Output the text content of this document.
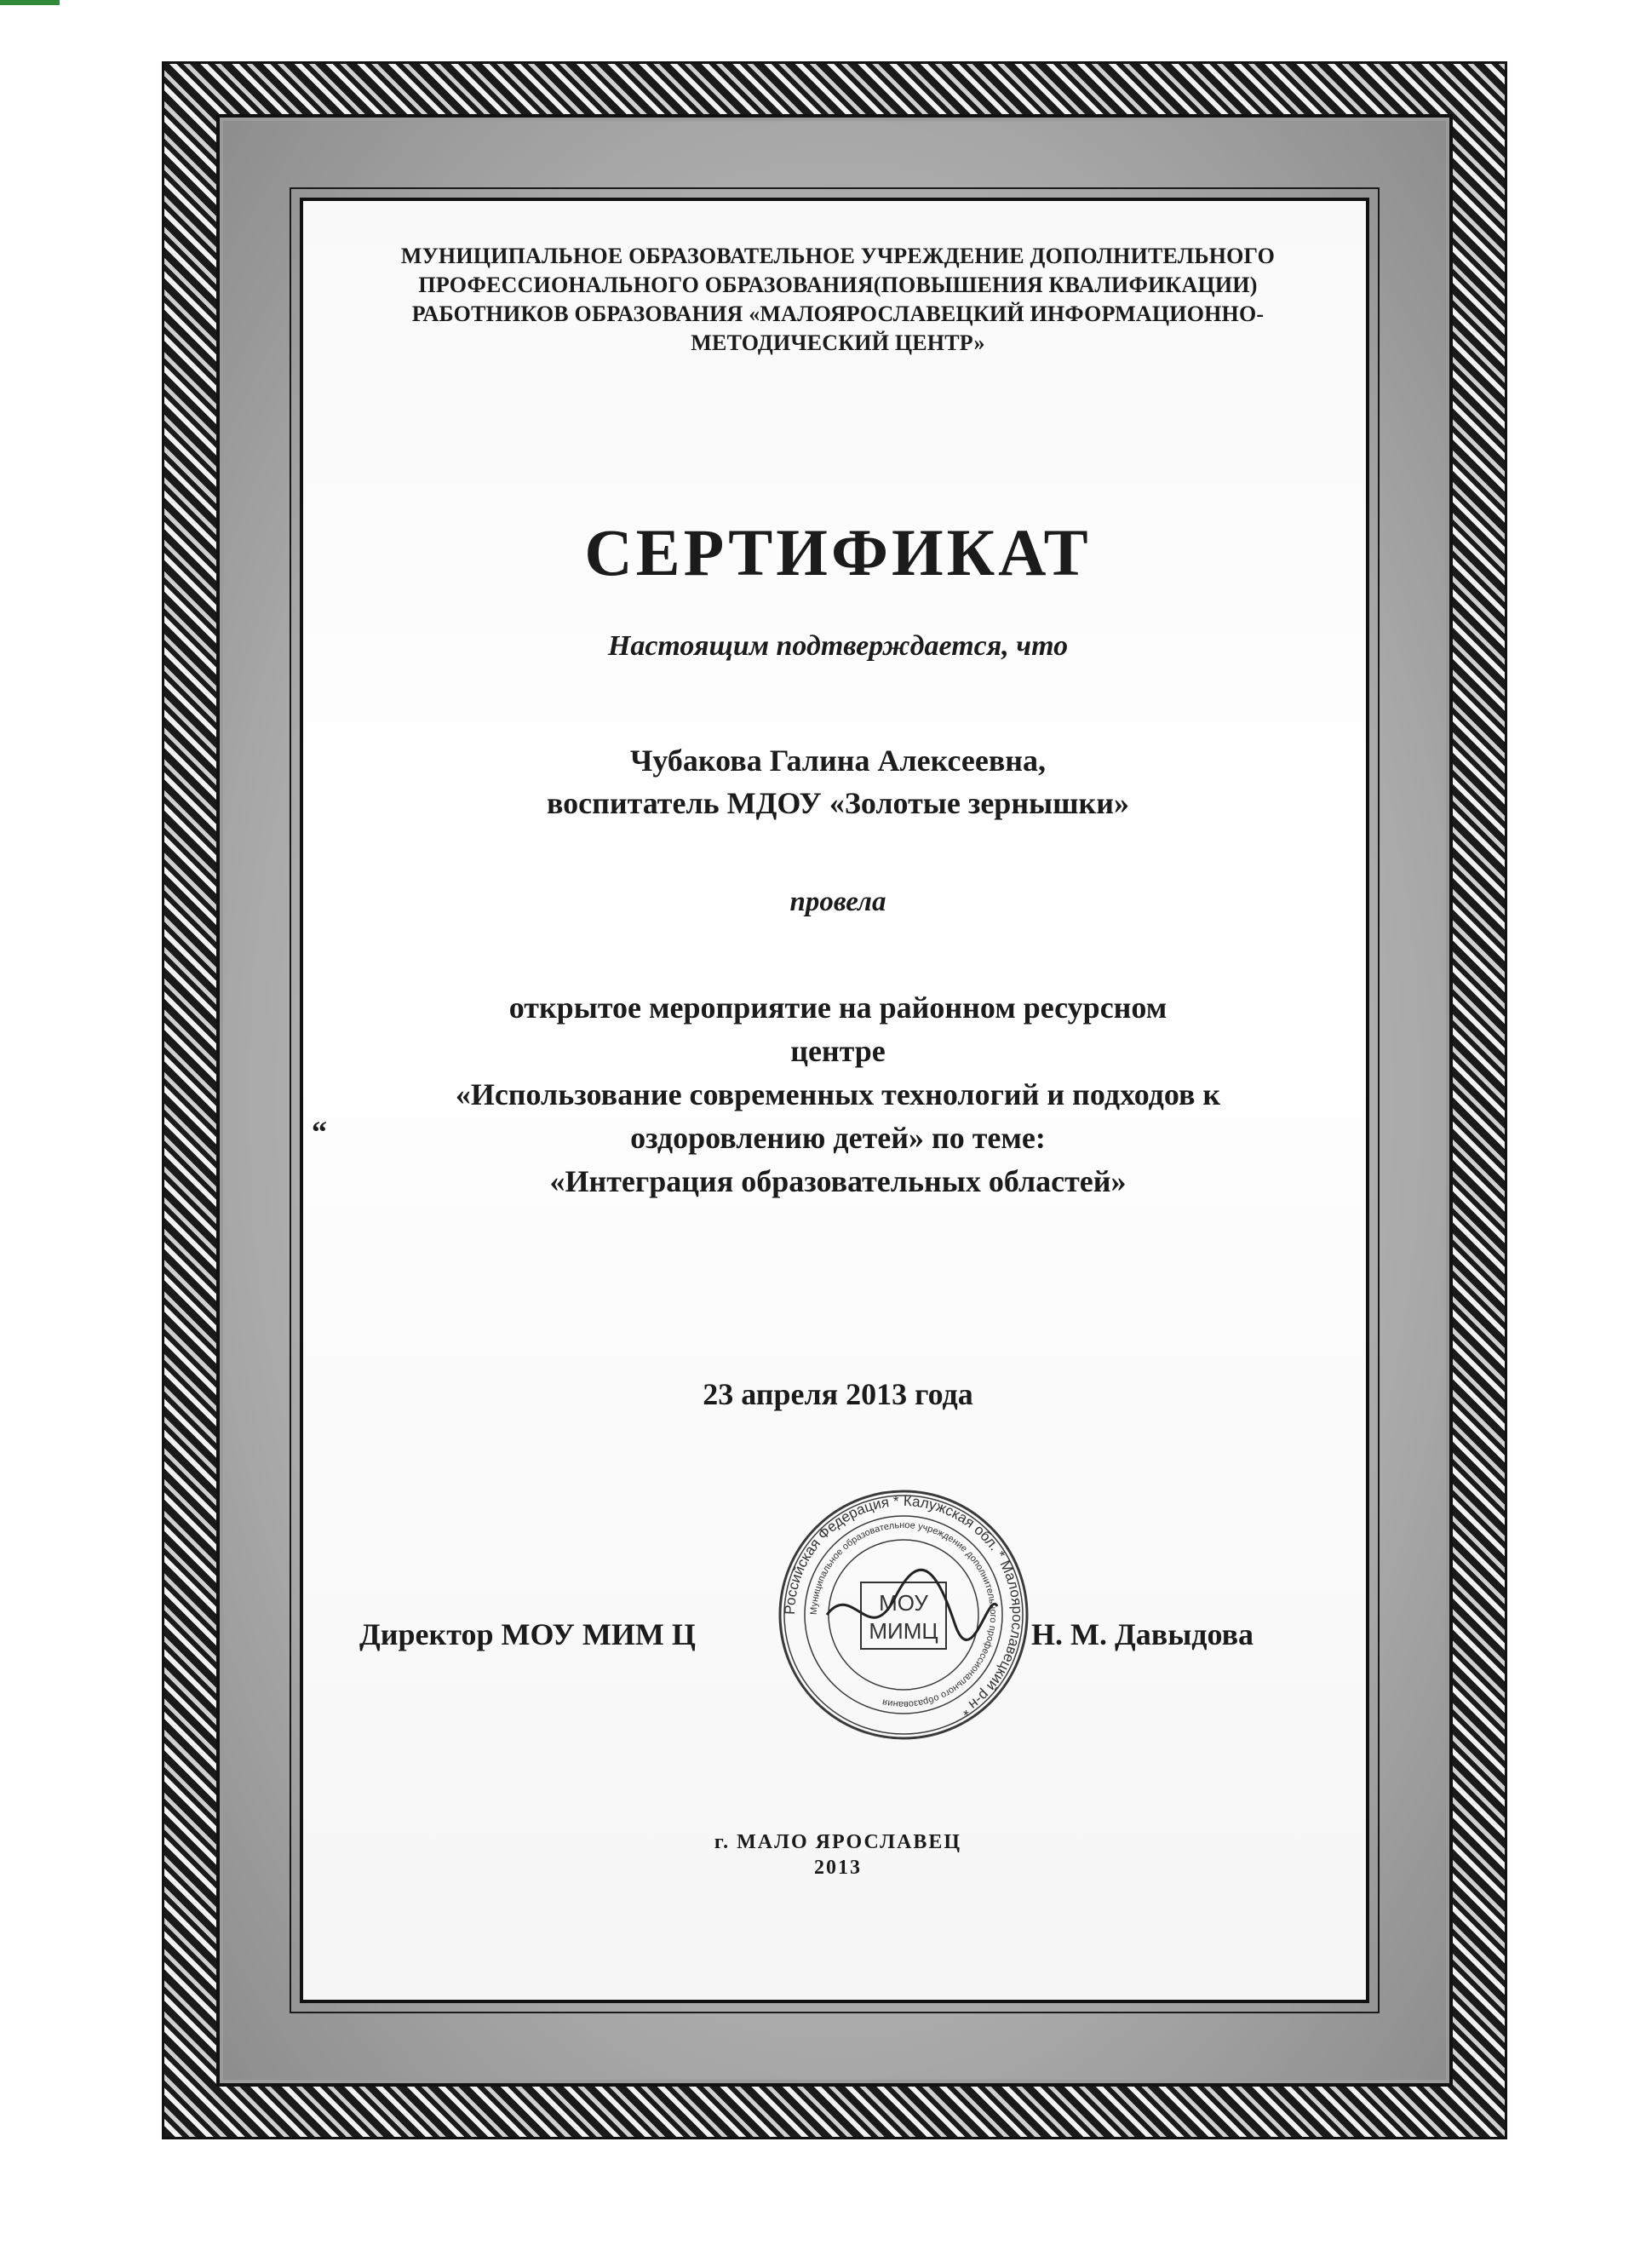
МУНИЦИПАЛЬНОЕ ОБРАЗОВАТЕЛЬНОЕ УЧРЕЖДЕНИЕ ДОПОЛНИТЕЛЬНОГО
ПРОФЕССИОНАЛЬНОГО ОБРАЗОВАНИЯ(ПОВЫШЕНИЯ КВАЛИФИКАЦИИ)
РАБОТНИКОВ ОБРАЗОВАНИЯ «МАЛОЯРОСЛАВЕЦКИЙ ИНФОРМАЦИОННО-
МЕТОДИЧЕСКИЙ ЦЕНТР»
СЕРТИФИКАТ
Настоящим подтверждается, что
Чубакова Галина Алексеевна,
воспитатель МДОУ «Золотые зернышки»
провела
открытое мероприятие на районном ресурсном
центре
«Использование современных технологий и подходов к
оздоровлению детей» по теме:
«Интеграция образовательных областей»
“
23 апреля 2013 года
Директор МОУ МИМ Ц	Н. М. Давыдова
г. МАЛО ЯРОСЛАВЕЦ
2013
Российская Федерация * Калужская обл. * Малоярославецкий р-н *
Муниципальное образовательное учреждение дополнительного профессионального образования
МОУ
МИМЦ
